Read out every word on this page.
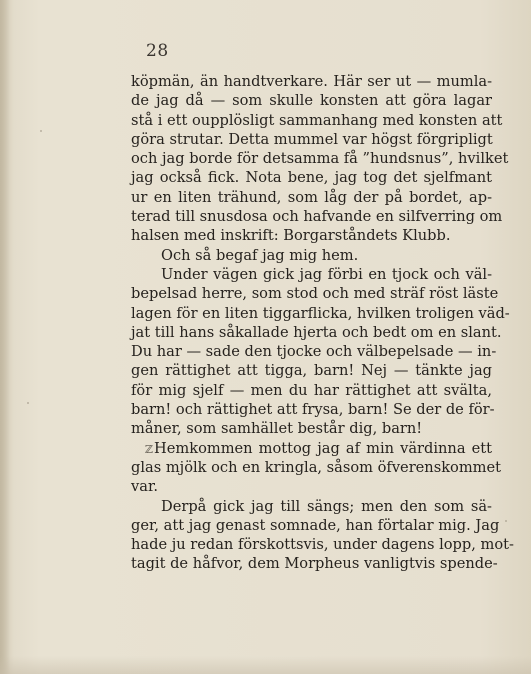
28
köpmän, än handtverkare. Här ser ut — mumla-
de jag då — som skulle konsten att göra lagar
stå i ett oupplösligt sammanhang med konsten att
göra strutar. Detta mummel var högst förgripligt
och jag borde för detsamma få ”hundsnus”, hvilket
jag också fick. Nota bene, jag tog det sjelfmant
ur en liten trähund, som låg der på bordet, ap-
terad till snusdosa och hafvande en silfverring om
halsen med inskrift: Borgarståndets Klubb.
Och så begaf jag mig hem.
Under vägen gick jag förbi en tjock och väl-
bepelsad herre, som stod och med sträf röst läste
lagen för en liten tiggarflicka, hvilken troligen väd-
jat till hans såkallade hjerta och bedt om en slant.
Du har — sade den tjocke och välbepelsade — in-
gen rättighet att tigga, barn! Nej — tänkte jag
för mig sjelf — men du har rättighet att svälta,
barn! och rättighet att frysa, barn! Se der de för-
måner, som samhället består dig, barn!
ℤHemkommen mottog jag af min värdinna ett
glas mjölk och en kringla, såsom öfverenskommet
var.
Derpå gick jag till sängs; men den som sä-
ger, att jag genast somnade, han förtalar mig. Jag
hade ju redan förskottsvis, under dagens lopp, mot-
tagit de håfvor, dem Morpheus vanligtvis spende-
